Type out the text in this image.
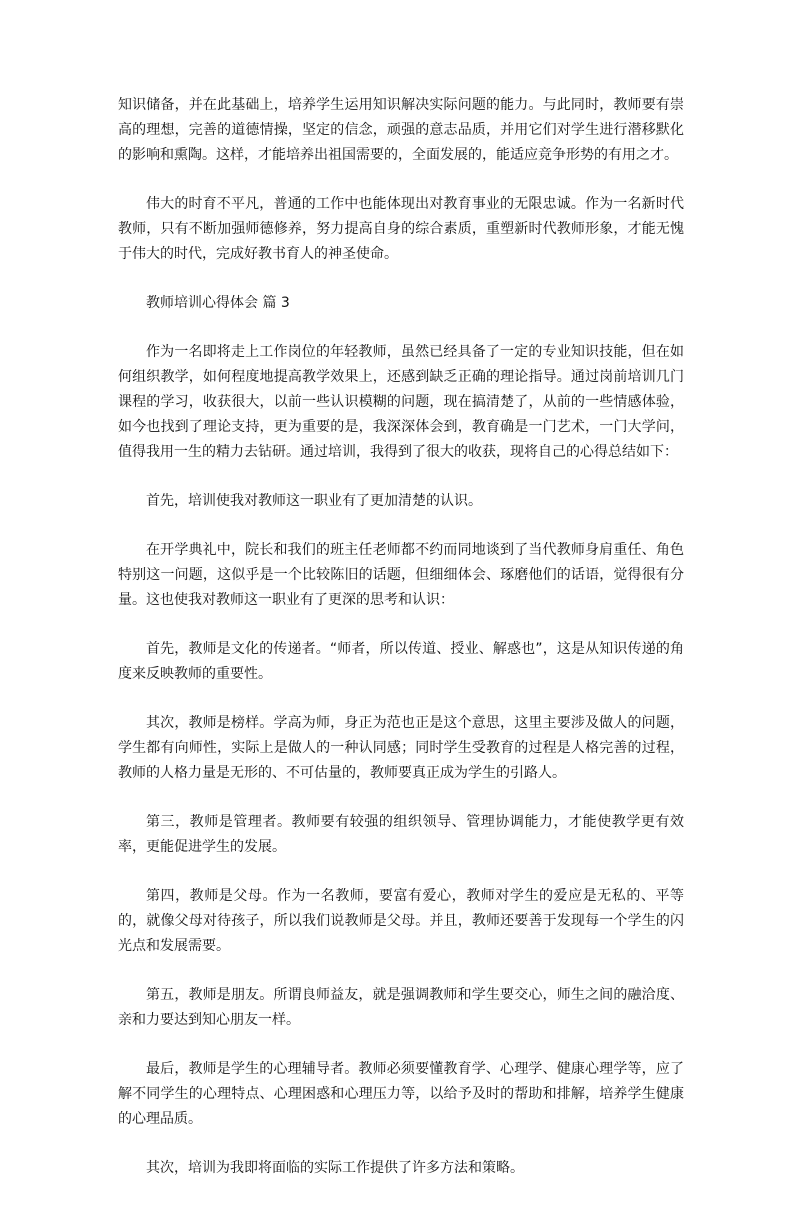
知识储备，并在此基础上，培养学生运用知识解决实际问题的能力。与此同时，教师要有崇高的理想，完善的道德情操，坚定的信念，顽强的意志品质，并用它们对学生进行潜移默化的影响和熏陶。这样，才能培养出祖国需要的，全面发展的，能适应竞争形势的有用之才。

伟大的时育不平凡，普通的工作中也能体现出对教育事业的无限忠诚。作为一名新时代教师，只有不断加强师德修养，努力提高自身的综合素质，重塑新时代教师形象，才能无愧于伟大的时代，完成好教书育人的神圣使命。

教师培训心得体会 篇 3

作为一名即将走上工作岗位的年轻教师，虽然已经具备了一定的专业知识技能，但在如何组织教学，如何程度地提高教学效果上，还感到缺乏正确的理论指导。通过岗前培训几门课程的学习，收获很大，以前一些认识模糊的问题，现在搞清楚了，从前的一些情感体验，如今也找到了理论支持，更为重要的是，我深深体会到，教育确是一门艺术，一门大学问，值得我用一生的精力去钻研。通过培训，我得到了很大的收获，现将自己的心得总结如下：

首先，培训使我对教师这一职业有了更加清楚的认识。

在开学典礼中，院长和我们的班主任老师都不约而同地谈到了当代教师身肩重任、角色特别这一问题，这似乎是一个比较陈旧的话题，但细细体会、琢磨他们的话语，觉得很有分量。这也使我对教师这一职业有了更深的思考和认识：

首先，教师是文化的传递者。“师者，所以传道、授业、解惑也”，这是从知识传递的角度来反映教师的重要性。

其次，教师是榜样。学高为师，身正为范也正是这个意思，这里主要涉及做人的问题，学生都有向师性，实际上是做人的一种认同感；同时学生受教育的过程是人格完善的过程，教师的人格力量是无形的、不可估量的，教师要真正成为学生的引路人。

第三，教师是管理者。教师要有较强的组织领导、管理协调能力，才能使教学更有效率，更能促进学生的发展。

第四，教师是父母。作为一名教师，要富有爱心，教师对学生的爱应是无私的、平等的，就像父母对待孩子，所以我们说教师是父母。并且，教师还要善于发现每一个学生的闪光点和发展需要。

第五，教师是朋友。所谓良师益友，就是强调教师和学生要交心，师生之间的融洽度、亲和力要达到知心朋友一样。

最后，教师是学生的心理辅导者。教师必须要懂教育学、心理学、健康心理学等，应了解不同学生的心理特点、心理困惑和心理压力等，以给予及时的帮助和排解，培养学生健康的心理品质。

其次，培训为我即将面临的实际工作提供了许多方法和策略。
